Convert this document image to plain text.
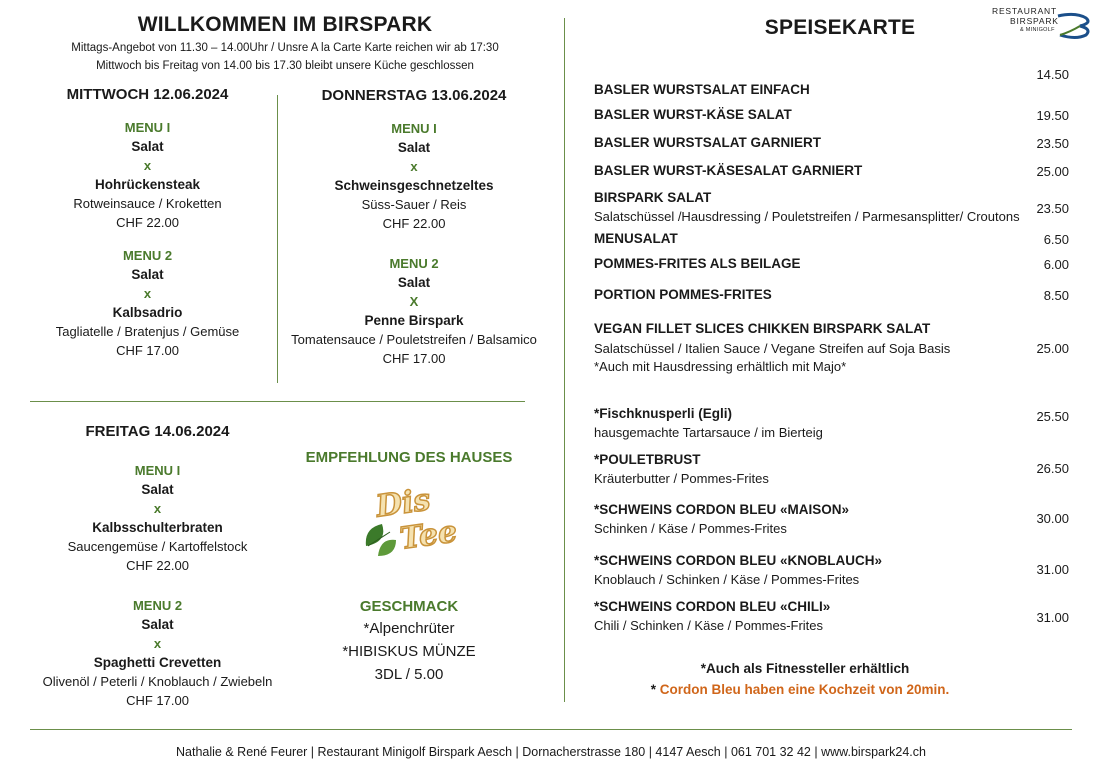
WILLKOMMEN IM BIRSPARK
Mittags-Angebot von 11.30 – 14.00Uhr / Unsre A la Carte Karte reichen wir ab 17:30
Mittwoch bis Freitag von 14.00 bis 17.30 bleibt unsere Küche geschlossen
RESTAURANT
BIRSPARK
& MINIGOLF
MITTWOCH 12.06.2024
MENU I
Salat
x
Hohrückensteak
Rotweinsauce / Kroketten
CHF 22.00
MENU 2
Salat
x
Kalbsadrio
Tagliatelle / Bratenjus / Gemüse
CHF 17.00
DONNERSTAG 13.06.2024
MENU I
Salat
x
Schweinsgeschnetzeltes
Süss-Sauer / Reis
CHF 22.00
MENU 2
Salat
X
Penne Birspark
Tomatensauce / Pouletstreifen / Balsamico
CHF 17.00
FREITAG 14.06.2024
MENU I
Salat
x
Kalbsschulterbraten
Saucengemüse / Kartoffelstock
CHF 22.00
MENU 2
Salat
x
Spaghetti Crevetten
Olivenöl / Peterli / Knoblauch / Zwiebeln
CHF 17.00
EMPFEHLUNG DES HAUSES
Dis
Tee
GESCHMACK
*Alpenchrüter
*HIBISKUS MÜNZE
3DL / 5.00
SPEISEKARTE
BASLER WURSTSALAT EINFACH
14.50
BASLER WURST-KÄSE SALAT	19.50
BASLER WURSTSALAT GARNIERT	23.50
BASLER WURST-KÄSESALAT GARNIERT	25.00
BIRSPARK SALAT
Salatschüssel /Hausdressing / Pouletstreifen / Parmesansplitter/ Croutons
23.50
MENUSALAT	6.50
POMMES-FRITES ALS BEILAGE	6.00
PORTION POMMES-FRITES	8.50
VEGAN FILLET SLICES CHIKKEN BIRSPARK SALAT
Salatschüssel / Italien Sauce / Vegane Streifen auf Soja Basis
*Auch mit Hausdressing erhältlich mit Majo*
25.00
*Fischknusperli (Egli)
hausgemachte Tartarsauce / im Bierteig
25.50
*POULETBRUST
Kräuterbutter / Pommes-Frites
26.50
*SCHWEINS CORDON BLEU «MAISON»
Schinken / Käse / Pommes-Frites
30.00
*SCHWEINS CORDON BLEU «KNOBLAUCH»
Knoblauch / Schinken / Käse / Pommes-Frites
31.00
*SCHWEINS CORDON BLEU «CHILI»
Chili / Schinken / Käse / Pommes-Frites
31.00
*Auch als Fitnessteller erhältlich
* Cordon Bleu haben eine Kochzeit von 20min.
Nathalie & René Feurer | Restaurant Minigolf Birspark Aesch | Dornacherstrasse 180 | 4147 Aesch | 061 701 32 42 | www.birspark24.ch
